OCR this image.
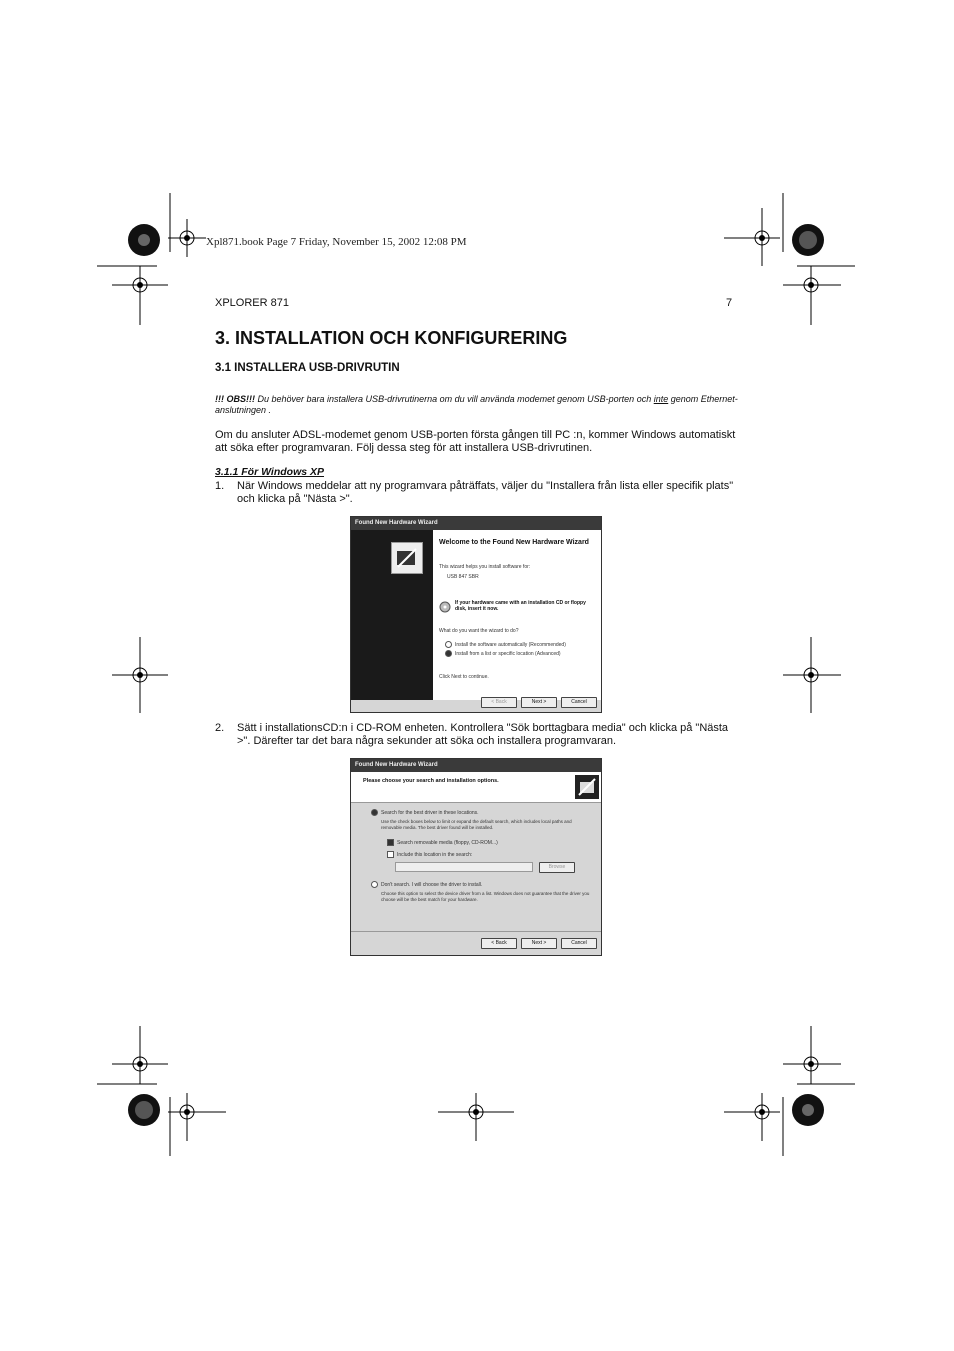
Xpl871.book Page 7 Friday, November 15, 2002 12:08 PM
XPLORER 871	7
3. INSTALLATION OCH KONFIGURERING
3.1 INSTALLERA USB-DRIVRUTIN
!!! OBS!!! Du behöver bara installera USB-drivrutinerna om du vill använda modemet genom USB-porten och inte genom Ethernet-anslutningen .
Om du ansluter ADSL-modemet genom USB-porten första gången till PC :n, kommer Windows automatiskt att söka efter programvaran. Följ dessa steg för att installera USB-drivrutinen.
3.1.1 För Windows XP
1. När Windows meddelar att ny programvara påträffats, väljer du "Installera från lista eller specifik plats" och klicka på "Nästa >".
Found New Hardware Wizard
Welcome to the Found New Hardware Wizard
This wizard helps you install software for:
USB 847 SBR
If your hardware came with an installation CD or floppy disk, insert it now.
What do you want the wizard to do?
Install the software automatically (Recommended)
Install from a list or specific location (Advanced)
Click Next to continue.
< Back	Next >	Cancel
2. Sätt i installationsCD:n i CD-ROM enheten. Kontrollera "Sök borttagbara media" och klicka på "Nästa >". Därefter tar det bara några sekunder att söka och installera programvaran.
Found New Hardware Wizard
Please choose your search and installation options.
Search for the best driver in these locations.
Use the check boxes below to limit or expand the default search, which includes local paths and removable media. The best driver found will be installed.
Search removable media (floppy, CD-ROM...)
Include this location in the search:
Browse
Don't search. I will choose the driver to install.
Choose this option to select the device driver from a list. Windows does not guarantee that the driver you choose will be the best match for your hardware.
< Back	Next >	Cancel
